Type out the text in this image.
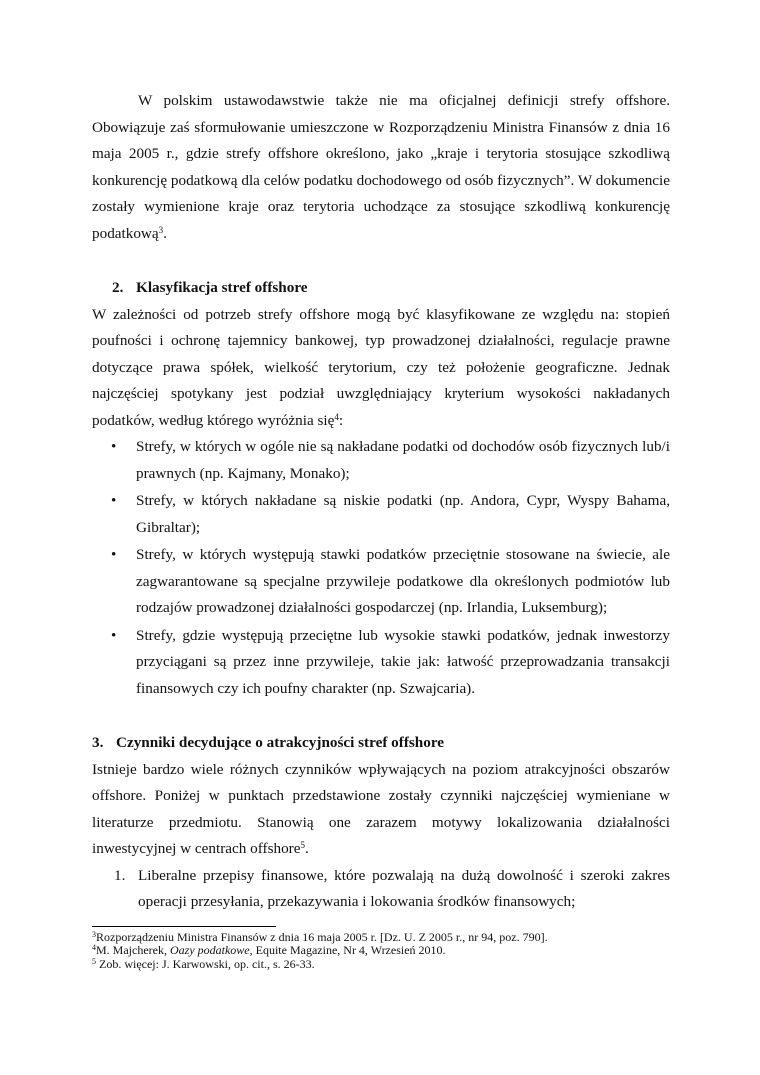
W polskim ustawodawstwie także nie ma oficjalnej definicji strefy offshore. Obowiązuje zaś sformułowanie umieszczone w Rozporządzeniu Ministra Finansów z dnia 16 maja 2005 r., gdzie strefy offshore określono, jako „kraje i terytoria stosujące szkodliwą konkurencję podatkową dla celów podatku dochodowego od osób fizycznych”. W dokumencie zostały wymienione kraje oraz terytoria uchodzące za stosujące szkodliwą konkurencję podatkową$^3$.

2. Klasyfikacja stref offshore

W zależności od potrzeb strefy offshore mogą być klasyfikowane ze względu na: stopień poufności i ochronę tajemnicy bankowej, typ prowadzonej działalności, regulacje prawne dotyczące prawa spółek, wielkość terytorium, czy też położenie geograficzne. Jednak najczęściej spotykany jest podział uwzględniający kryterium wysokości nakładanych podatków, według którego wyróżnia się$^4$:

• Strefy, w których w ogóle nie są nakładane podatki od dochodów osób fizycznych lub/i prawnych (np. Kajmany, Monako);
• Strefy, w których nakładane są niskie podatki (np. Andora, Cypr, Wyspy Bahama, Gibraltar);
• Strefy, w których występują stawki podatków przeciętnie stosowane na świecie, ale zagwarantowane są specjalne przywileje podatkowe dla określonych podmiotów lub rodzajów prowadzonej działalności gospodarczej (np. Irlandia, Luksemburg);
• Strefy, gdzie występują przeciętne lub wysokie stawki podatków, jednak inwestorzy przyciągani są przez inne przywileje, takie jak: łatwość przeprowadzania transakcji finansowych czy ich poufny charakter (np. Szwajcaria).
3. Czynniki decydujące o atrakcyjności stref offshore

Istnieje bardzo wiele różnych czynników wpływających na poziom atrakcyjności obszarów offshore. Poniżej w punktach przedstawione zostały czynniki najczęściej wymieniane w literaturze przedmiotu. Stanowią one zarazem motywy lokalizowania działalności inwestycyjnej w centrach offshore$^5$.

1. Liberalne przepisy finansowe, które pozwalają na dużą dowolność i szeroki zakres operacji przesyłania, przekazywania i lokowania środków finansowych;
$^3$Rozporządzeniu Ministra Finansów z dnia 16 maja 2005 r. [Dz. U. Z 2005 r., nr 94, poz. 790].
$^4$M. Majcherek, Oazy podatkowe, Equite Magazine, Nr 4, Wrzesień 2010.
$^5$ Zob. więcej: J. Karwowski, op. cit., s. 26-33.
